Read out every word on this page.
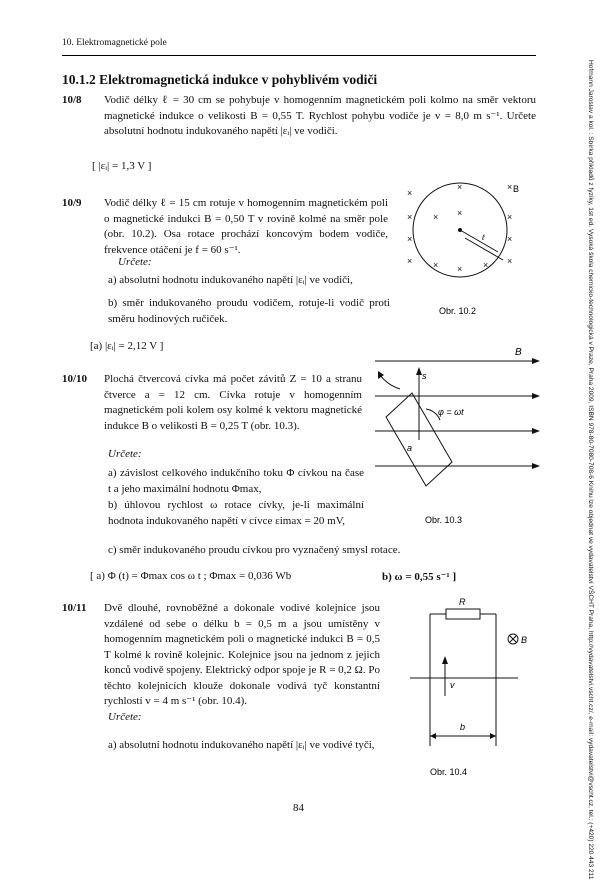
10. Elektromagnetické pole
10.1.2 Elektromagnetická indukce v pohyblivém vodiči
10/8 Vodič délky ℓ = 30 cm se pohybuje v homogenním magnetickém poli kolmo na směr vektoru magnetické indukce o velikosti B = 0,55 T. Rychlost pohybu vodiče je v = 8,0 m s⁻¹. Určete absolutní hodnotu indukovaného napětí |εᵢ| ve vodiči.
[ |εᵢ| = 1,3 V ]
10/9 Vodič délky ℓ = 15 cm rotuje v homogenním magnetickém poli o magnetické indukci B = 0,50 T v rovině kolmé na směr pole (obr. 10.2). Osa rotace prochází koncovým bodem vodiče, frekvence otáčení je f = 60 s⁻¹.
Určete:
a) absolutní hodnotu indukovaného napětí |εᵢ| ve vodiči,
b) směr indukovaného proudu vodičem, rotuje-li vodič proti směru hodinových ručiček.
[a) |εᵢ| = 2,12 V ]
×
×	×
×
×
×
×
×
×
×
×
×
×
×
ℓ
B
Obr. 10.2
10/10 Plochá čtvercová cívka má počet závitů Z = 10 a stranu čtverce a = 12 cm. Cívka rotuje v homogenním magnetickém poli kolem osy kolmé k vektoru magnetické indukce B o velikosti B = 0,25 T (obr. 10.3).
Určete:
a) závislost celkového indukčního toku Φ cívkou na čase t a jeho maximální hodnotu Φmax,
b) úhlovou rychlost ω rotace cívky, je-li maximální hodnota indukovaného napětí v cívce εimax = 20 mV,
c) směr indukovaného proudu cívkou pro vyznačený smysl rotace.
[ a) Φ (t) = Φmax cos ω t ; Φmax = 0,036 Wb	b) ω = 0,55 s⁻¹ ]
B
s
φ = ωt
a
Obr. 10.3
10/11 Dvě dlouhé, rovnoběžné a dokonale vodivé kolejnice jsou vzdálené od sebe o délku b = 0,5 m a jsou umístěny v homogenním magnetickém poli o magnetické indukci B = 0,5 T kolmé k rovině kolejnic. Kolejnice jsou na jednom z jejich konců vodivě spojeny. Elektrický odpor spoje je R = 0,2 Ω. Po těchto kolejnicích klouže dokonale vodivá tyč konstantní rychlostí v = 4 m s⁻¹ (obr. 10.4).
Určete:
a) absolutní hodnotu indukovaného napětí |εᵢ| ve vodivé tyči,
R
B
v
b
Obr. 10.4	Hofmann Jaroslav a kol. : Sbírka příkladů z fyziky, 1st ed. Vysoká škola chemicko-technologická v Praze, Praha 2009, ISBN 978-80-7080-708-6 Knihu lze objednat ve vydavatelství VŠCHT Praha, http://vydavatelstvi.vscht.cz/, e-mail: vydavatelstvi@vscht.cz, tel.: (+420) 220 443 211
84
